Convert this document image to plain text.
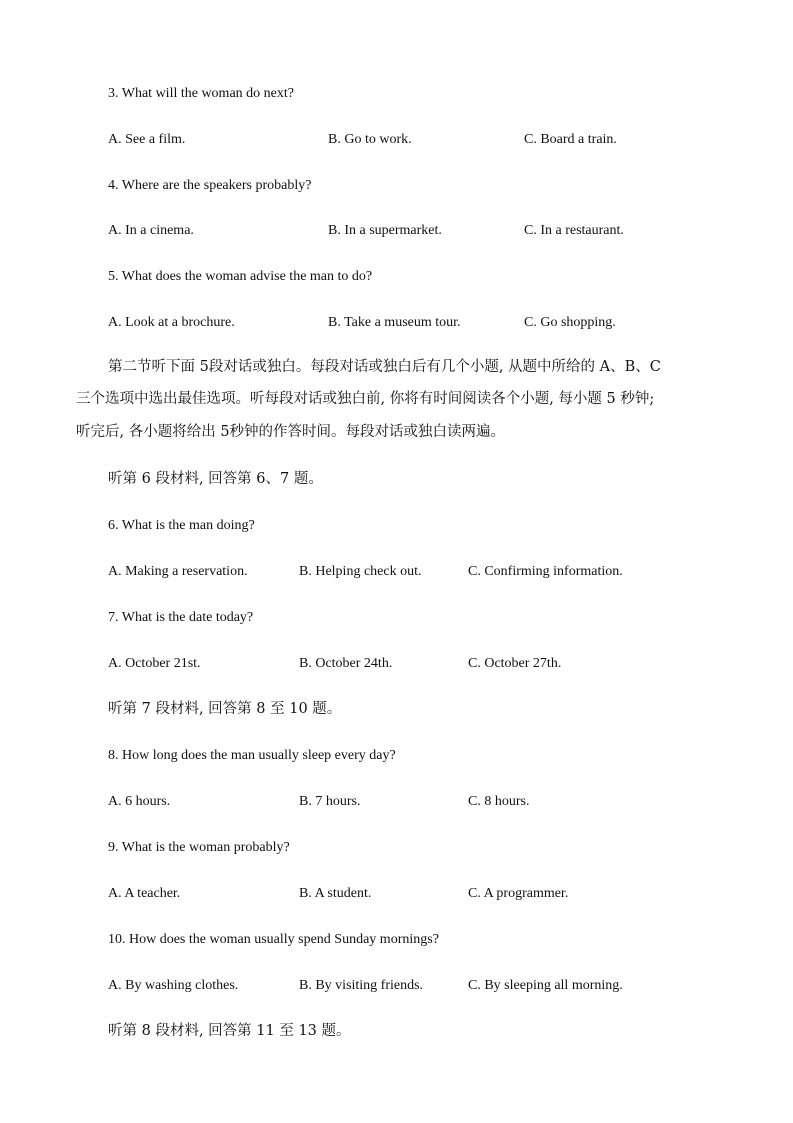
3. What will the woman do next?
A. See a film.	B. Go to work.	C. Board a train.
4. Where are the speakers probably?
A. In a cinema.	B. In a supermarket.	C. In a restaurant.
5. What does the woman advise the man to do?
A. Look at a brochure.	B. Take a museum tour.	C. Go shopping.
第二节听下面 5段对话或独白。每段对话或独白后有几个小题, 从题中所给的 A、B、C
三个选项中选出最佳选项。听每段对话或独白前, 你将有时间阅读各个小题, 每小题 5 秒钟;
听完后, 各小题将给出 5秒钟的作答时间。每段对话或独白读两遍。
听第 6 段材料, 回答第 6、7 题。
6. What is the man doing?
A. Making a reservation.	B. Helping check out.	C. Confirming information.
7. What is the date today?
A. October 21st.	B. October 24th.	C. October 27th.
听第 7 段材料, 回答第 8 至 10 题。
8. How long does the man usually sleep every day?
A. 6 hours.	B. 7 hours.	C. 8 hours.
9. What is the woman probably?
A. A teacher.	B. A student.	C. A programmer.
10. How does the woman usually spend Sunday mornings?
A. By washing clothes.	B. By visiting friends.	C. By sleeping all morning.
听第 8 段材料, 回答第 11 至 13 题。
